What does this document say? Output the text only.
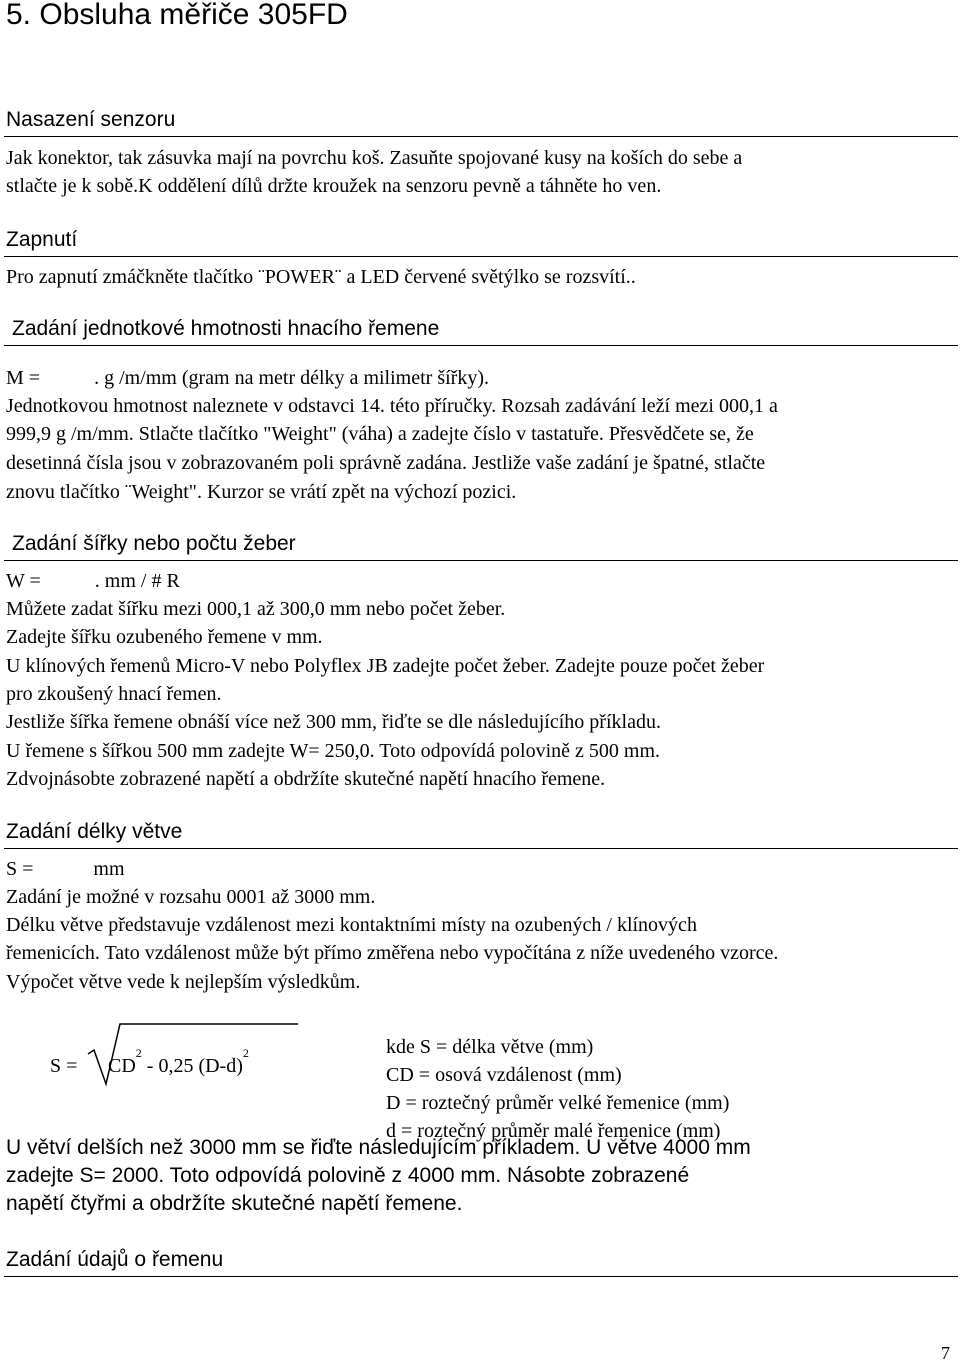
5. Obsluha měřiče 305FD
Nasazení senzoru
Jak konektor, tak zásuvka mají na povrchu koš. Zasuňte spojované kusy na koších do sebe a
stlačte je k sobě.K oddělení dílů držte kroužek na senzoru pevně a táhněte ho ven.
Zapnutí
Pro zapnutí zmáčkněte tlačítko ¨POWER¨ a LED červené světýlko se rozsvítí..
Zadání jednotkové hmotnosti hnacího řemene
M =	. g /m/mm (gram na metr délky a milimetr šířky).
Jednotkovou hmotnost naleznete v odstavci 14. této příručky. Rozsah zadávání leží mezi 000,1 a
999,9 g /m/mm. Stlačte tlačítko "Weight" (váha) a zadejte číslo v tastatuře. Přesvědčete se, že
desetinná čísla jsou v zobrazovaném poli správně zadána. Jestliže vaše zadání je špatné, stlačte
znovu tlačítko ¨Weight". Kurzor se vrátí zpět na výchozí pozici.
Zadání šířky nebo počtu žeber
W =	. mm / # R
Můžete zadat šířku mezi 000,1 až 300,0 mm nebo počet žeber.
Zadejte šířku ozubeného řemene v mm.
U klínových řemenů Micro-V nebo Polyflex JB zadejte počet žeber. Zadejte pouze počet žeber
pro zkoušený hnací řemen.
Jestliže šířka řemene obnáší více než 300 mm, řiďte se dle následujícího příkladu.
U řemene s šířkou 500 mm zadejte W= 250,0. Toto odpovídá polovině z 500 mm.
Zdvojnásobte zobrazené napětí a obdržíte skutečné napětí hnacího řemene.
Zadání délky větve
S =	mm
Zadání je možné v rozsahu 0001 až 3000 mm.
Délku větve představuje vzdálenost mezi kontaktními místy na ozubených / klínových
řemenicích. Tato vzdálenost může být přímo změřena nebo vypočítána z níže uvedeného vzorce.
Výpočet větve vede k nejlepším výsledkům.
$S = CD^2 - 0,25$ $(D-d)^2$	kde S = délka větve (mm)
CD = osová vzdálenost (mm)
D = roztečný průměr velké řemenice (mm)
d = roztečný průměr malé řemenice (mm)
U větví delších než 3000 mm se řiďte následujícím příkladem. U větve 4000 mm
zadejte S= 2000. Toto odpovídá polovině z 4000 mm. Násobte zobrazené
napětí čtyřmi a obdržíte skutečné napětí řemene.
Zadání údajů o řemenu
7
